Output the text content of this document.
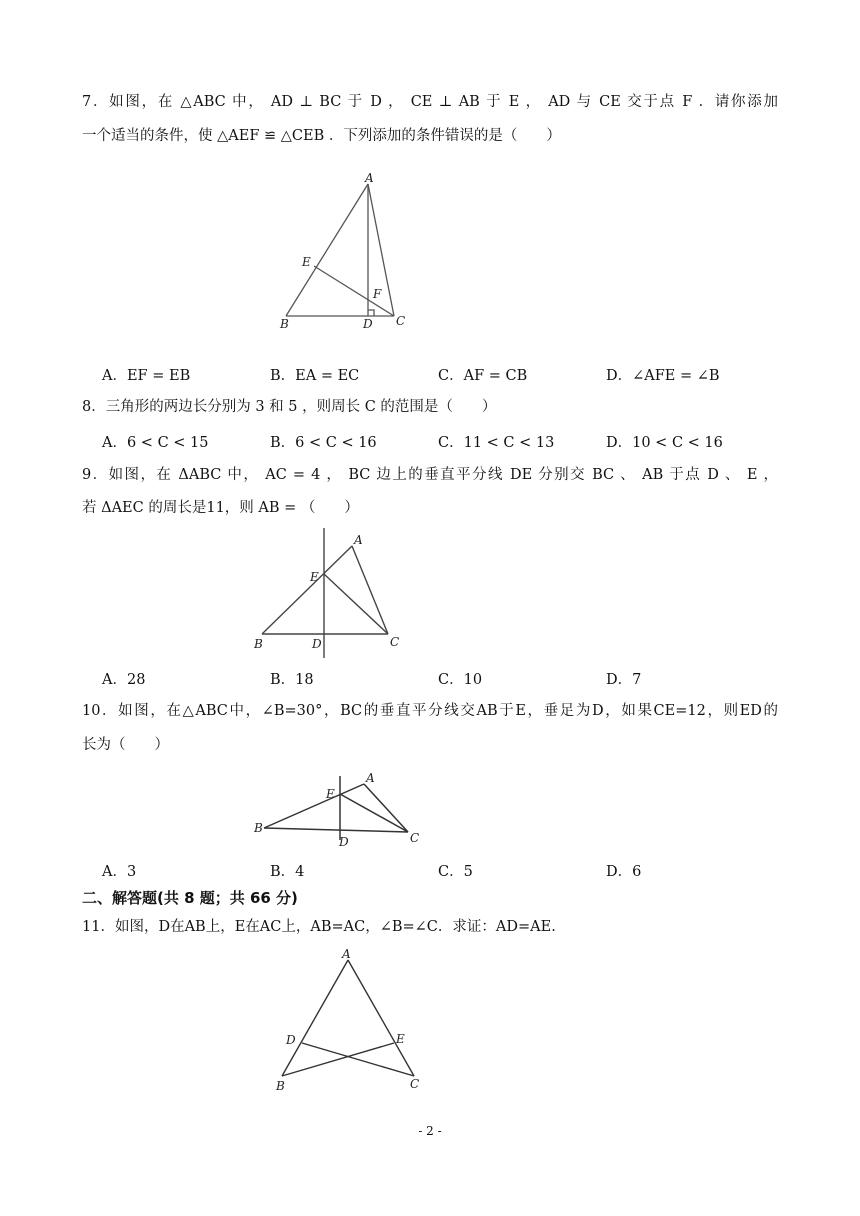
7．如图，在 △ABC 中， AD ⊥ BC 于 D ， CE ⊥ AB 于 E ， AD 与 CE 交于点 F ．请你添加
一个适当的条件，使 △AEF ≌ △CEB ．下列添加的条件错误的是（　　）
A
E
F
B	D C
A．EF = EB	B．EA = EC	C．AF = CB	D．∠AFE = ∠B
8．三角形的两边长分别为 3 和 5 ，则周长 C 的范围是（　　）
A．6 < C < 15	B．6 < C < 16	C．11 < C < 13	D．10 < C < 16
9．如图，在 ΔABC 中， AC = 4 ， BC 边上的垂直平分线 DE 分别交 BC 、 AB 于点 D 、 E ，
若 ΔAEC 的周长是11，则 AB = （　　）
A
E
B	D	C
A．28	B．18	C．10	D．7
10．如图，在△ABC中，∠B=30°，BC的垂直平分线交AB于E，垂足为D，如果CE=12，则ED的
长为（　　）
A
E
B
D	C
A．3	B．4	C．5	D．6
二、解答题(共 8 题；共 66 分)
11．如图，D在AB上，E在AC上，AB=AC，∠B=∠C．求证：AD=AE.
A
D	E
B	C
- 2 -
